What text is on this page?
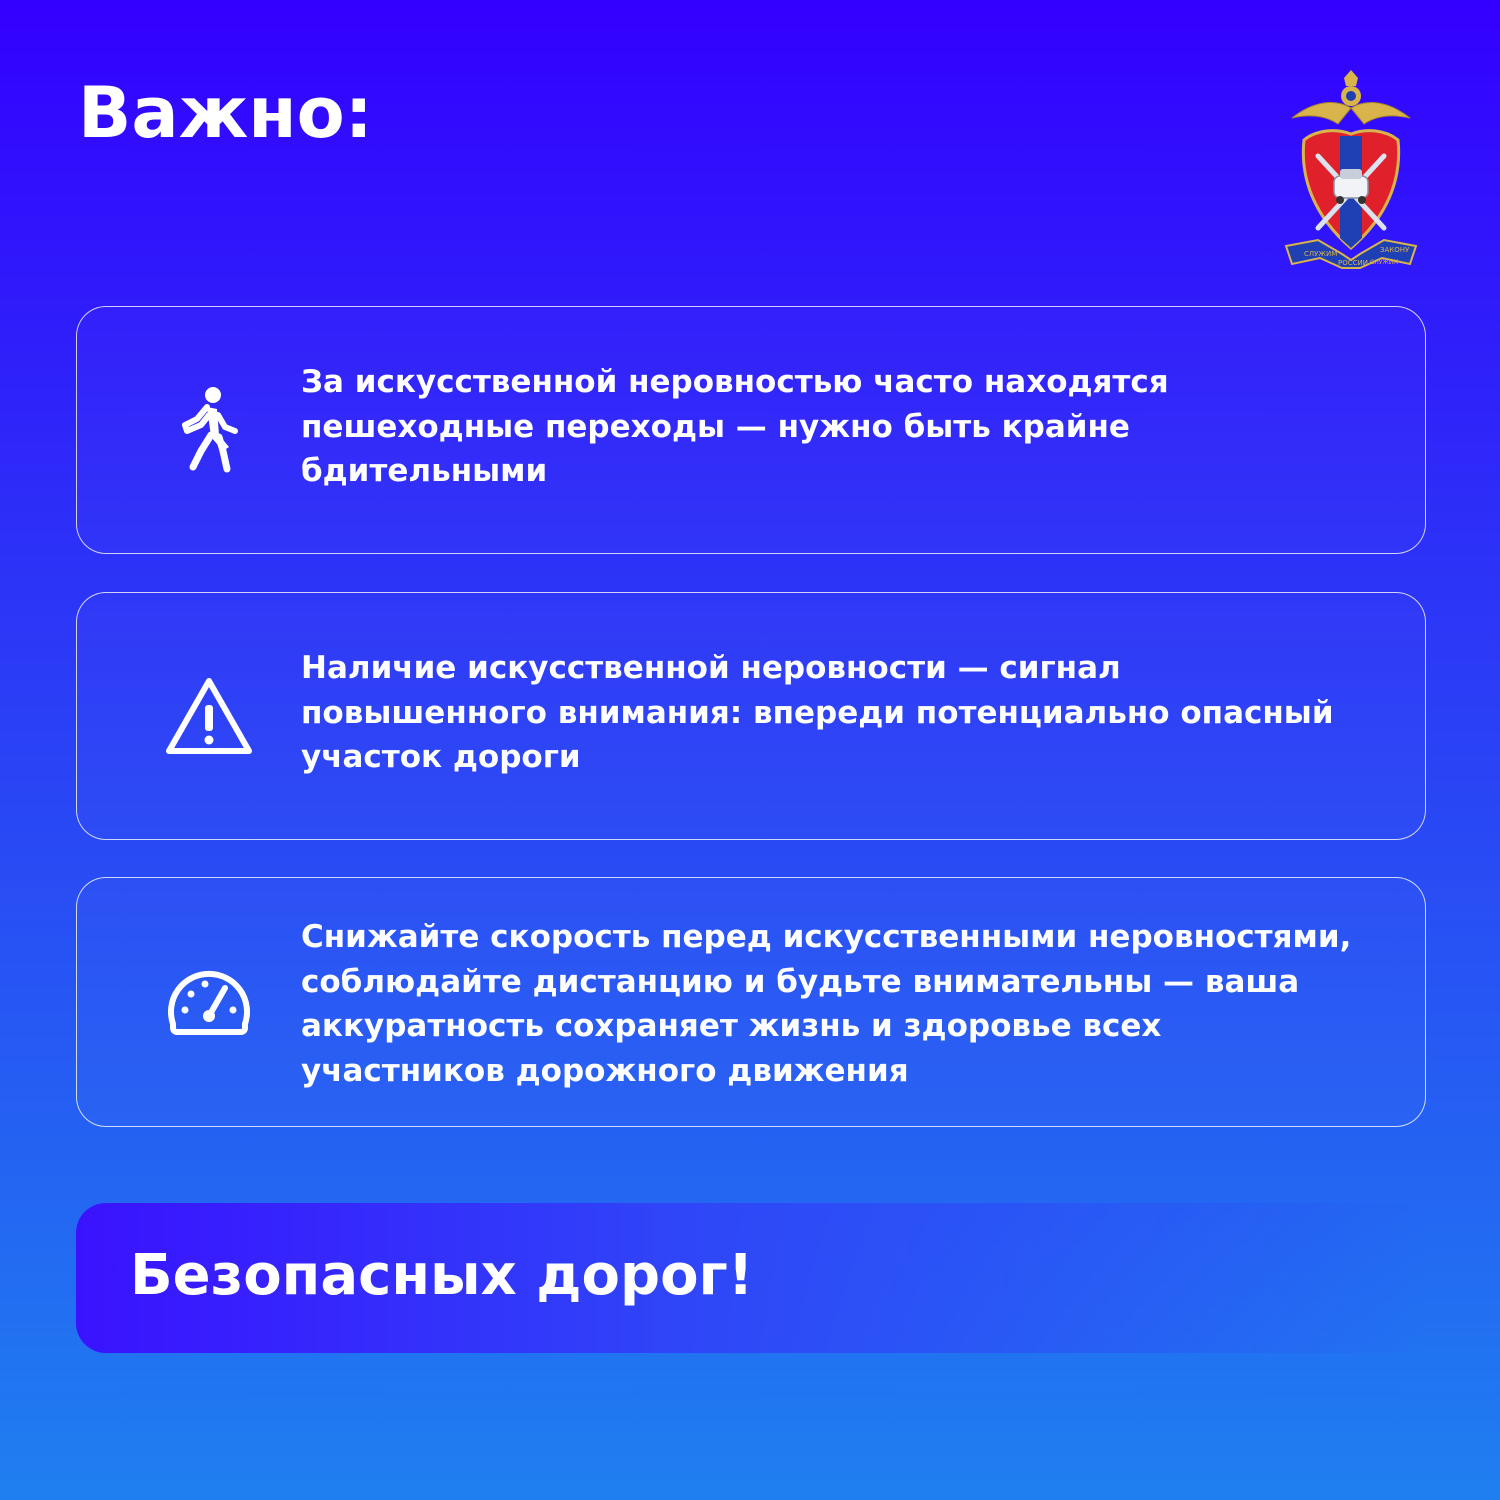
Важно:
СЛУЖИМ
РОССИИ
ЗАКОНУ
СЛУЖИМ

За искусственной неровностью часто находятся пешеходные переходы — нужно быть крайне бдительными

Наличие искусственной неровности — сигнал повышенного внимания: впереди потенциально опасный участок дороги

Снижайте скорость перед искусственными неровностями, соблюдайте дистанцию и будьте внимательны — ваша аккуратность сохраняет жизнь и здоровье всех участников дорожного движения

Безопасных дорог!
